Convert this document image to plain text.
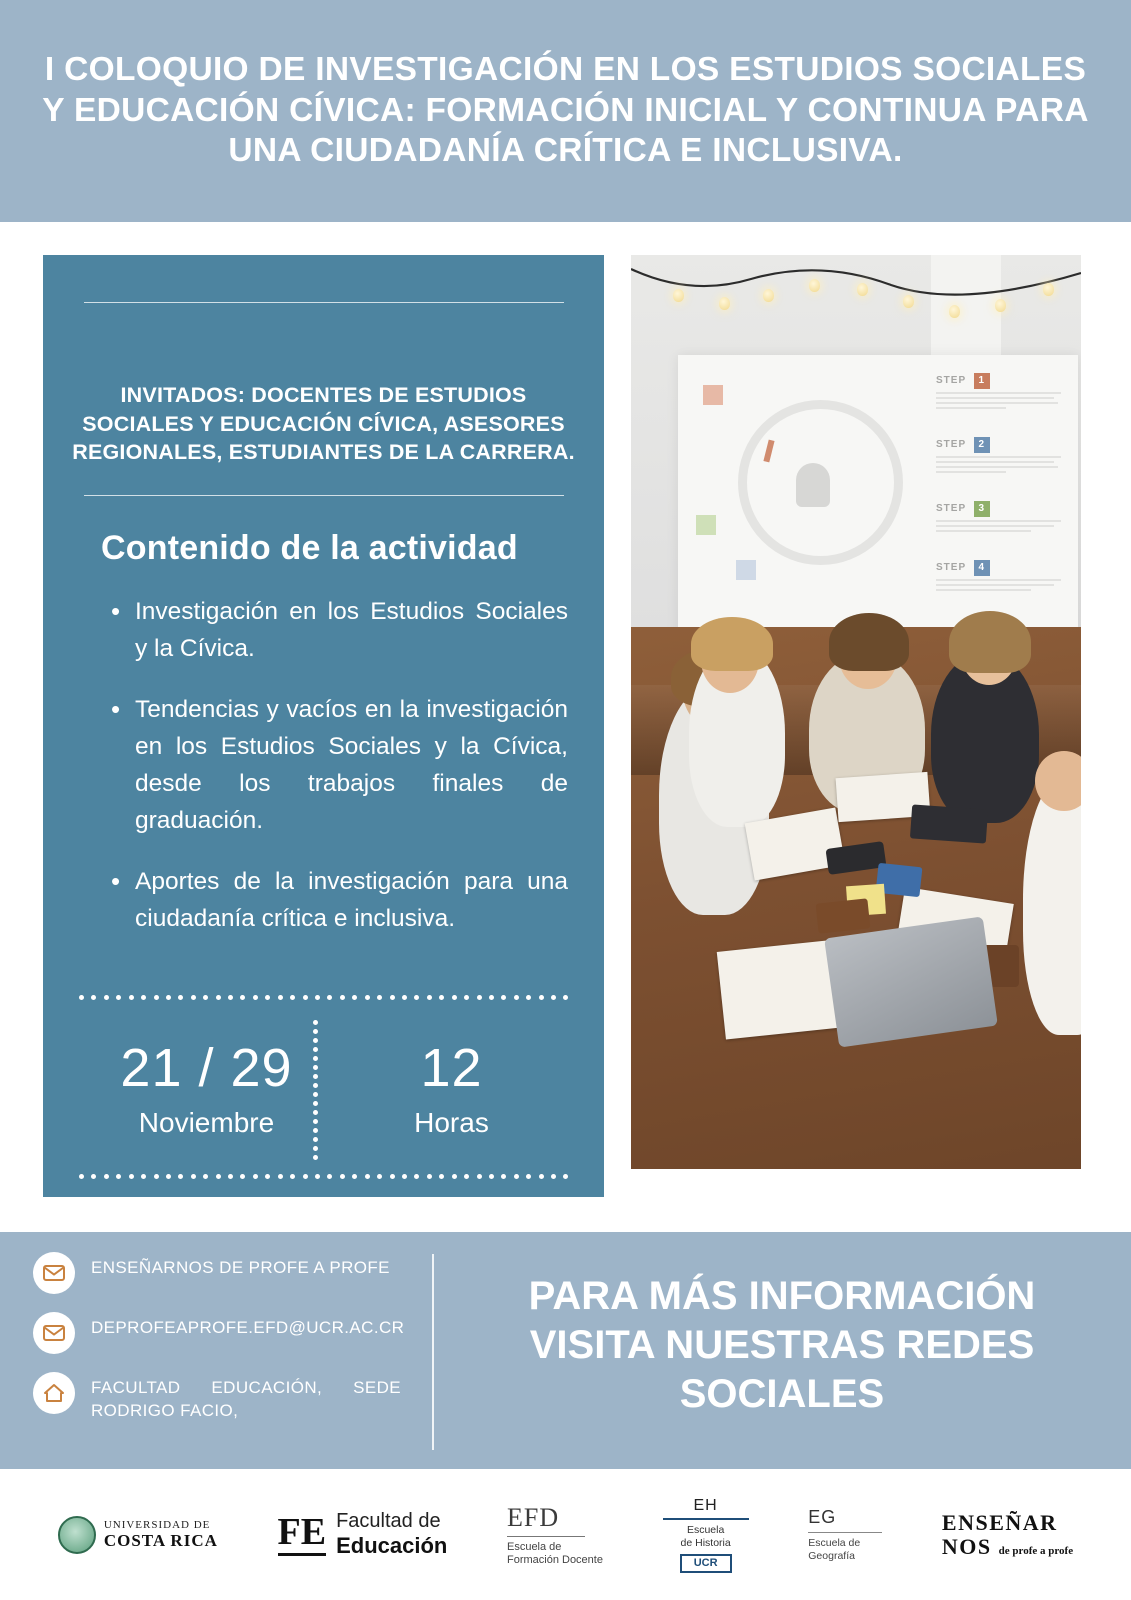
I COLOQUIO DE INVESTIGACIÓN EN LOS ESTUDIOS SOCIALES Y EDUCACIÓN CÍVICA: FORMACIÓN INICIAL Y CONTINUA PARA UNA CIUDADANÍA CRÍTICA E INCLUSIVA.
INVITADOS: DOCENTES DE ESTUDIOS SOCIALES Y EDUCACIÓN CÍVICA, ASESORES REGIONALES, ESTUDIANTES DE LA CARRERA.
Contenido de la actividad
• Investigación en los Estudios Sociales y la Cívica.
• Tendencias y vacíos en la investigación en los Estudios Sociales y la Cívica, desde los trabajos finales de graduación.
• Aportes de la investigación para una ciudadanía crítica e inclusiva.
21 / 29
Noviembre
12
Horas
STEP 1
STEP 2
STEP 3
STEP 4
ENSEÑARNOS DE PROFE A PROFE
DEPROFEAPROFE.EFD@UCR.AC.CR
FACULTAD EDUCACIÓN, SEDE RODRIGO FACIO,
PARA MÁS INFORMACIÓN VISITA NUESTRAS REDES SOCIALES
UNIVERSIDAD DE
COSTA RICA FE Facultad de
Educación
EFD
Escuela de
Formación Docente
EH
Escuela
de Historia
UCR
EG
Escuela de
Geografía
ENSEÑAR
NOS de profe a profe
